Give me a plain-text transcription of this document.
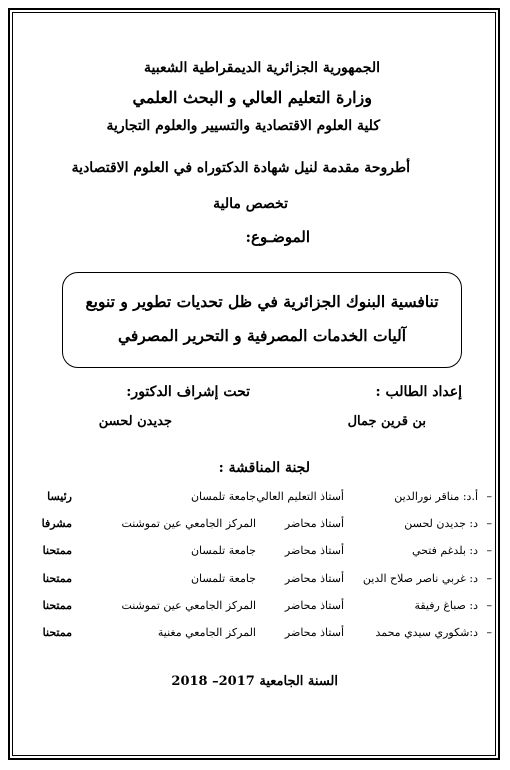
الجمهورية الجزائرية الديمقراطية الشعبية
وزارة التعليم العالي و البحث العلمي
كلية العلوم الاقتصادية والتسيير والعلوم التجارية
أطروحة مقدمة لنيل شهادة الدكتوراه في العلوم الاقتصادية
تخصص مالية
الموضـوع:
تنافسية البنوك الجزائرية في ظل تحديات تطوير و تنويع
آليات الخدمات المصرفية و التحرير المصرفي
إعداد الطالب :
تحت إشراف الدكتور:
بن قرين جمال
جديدن لحسن
لجنة المناقشة :
–
أ.د: مناقر نورالدين
أستاذ التعليم العالي
جامعة تلمسان
رئيسا
–
د: جديدن لحسن
أستاذ محاضر
المركز الجامعي عين تموشنت
مشرفا
–
د: بلدغم فتحي
أستاذ محاضر
جامعة تلمسان
ممتحنا
–
د: غربي ناصر صلاح الدين
أستاذ محاضر
جامعة تلمسان
ممتحنا
–
د: صباغ رفيقة
أستاذ محاضر
المركز الجامعي عين تموشنت
ممتحنا
–
د:شكوري سيدي محمد
أستاذ محاضر
المركز الجامعي مغنية
ممتحنا
السنة الجامعية 2017– 2018
